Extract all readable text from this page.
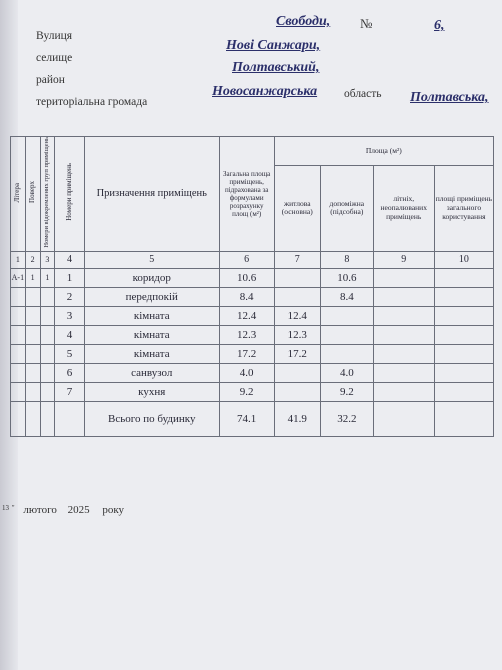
Вулиця
Свободи, №	6,
селище
Нові Санжари,
район
Полтавський,
територіальна громада
Новосанжарська область Полтавська,
Літера	Поверх	Номери відокремлених груп приміщень	Номери приміщень	Призначення приміщень	Загальна площа приміщень, підрахована за формулами розрахунку площ (м²)	Площа (м²)			
						житлова (основна)	допоміжна (підсобна)	літніх, неопалюваних приміщень	площі приміщень загального користування
1	2	3	4	5	6	7	8	9	10
А-1	1	1	1	коридор	10.6		10.6		
			2	передпокій	8.4		8.4		
			3	кімната	12.4	12.4			
			4	кімната	12.3	12.3			
			5	кімната	17.2	17.2			
			6	санвузол	4.0		4.0		
			7	кухня	9.2		9.2		
				Всього по будинку	74.1	41.9	32.2		
$^{13}$ " лютого 2025 року
